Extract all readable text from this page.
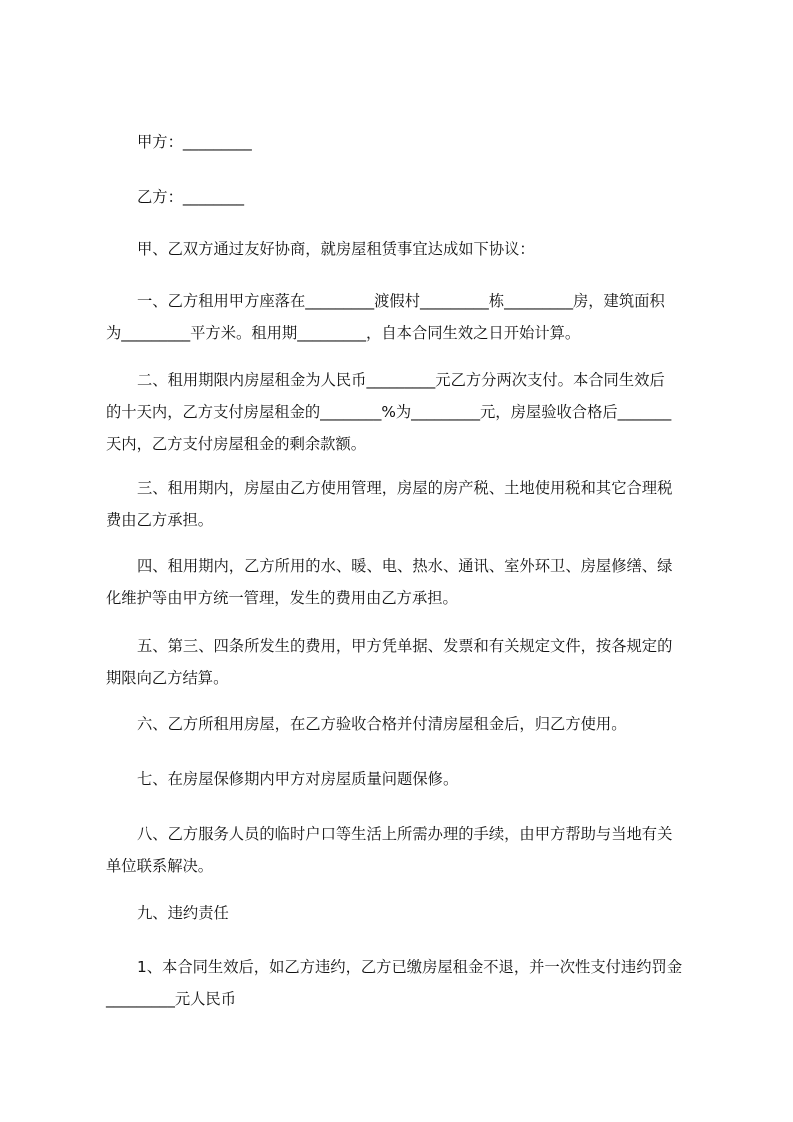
甲方：_________

乙方：________

甲、乙双方通过友好协商，就房屋租赁事宜达成如下协议：

一、乙方租用甲方座落在_________渡假村_________栋_________房，建筑面积
为_________平方米。租用期_________，自本合同生效之日开始计算。

二、租用期限内房屋租金为人民币_________元乙方分两次支付。本合同生效后
的十天内，乙方支付房屋租金的________%为_________元，房屋验收合格后_______
天内，乙方支付房屋租金的剩余款额。

三、租用期内，房屋由乙方使用管理，房屋的房产税、土地使用税和其它合理税
费由乙方承担。

四、租用期内，乙方所用的水、暖、电、热水、通讯、室外环卫、房屋修缮、绿
化维护等由甲方统一管理，发生的费用由乙方承担。

五、第三、四条所发生的费用，甲方凭单据、发票和有关规定文件，按各规定的
期限向乙方结算。

六、乙方所租用房屋，在乙方验收合格并付清房屋租金后，归乙方使用。

七、在房屋保修期内甲方对房屋质量问题保修。

八、乙方服务人员的临时户口等生活上所需办理的手续，由甲方帮助与当地有关
单位联系解决。

九、违约责任

1、本合同生效后，如乙方违约，乙方已缴房屋租金不退，并一次性支付违约罚金
_________元人民币
